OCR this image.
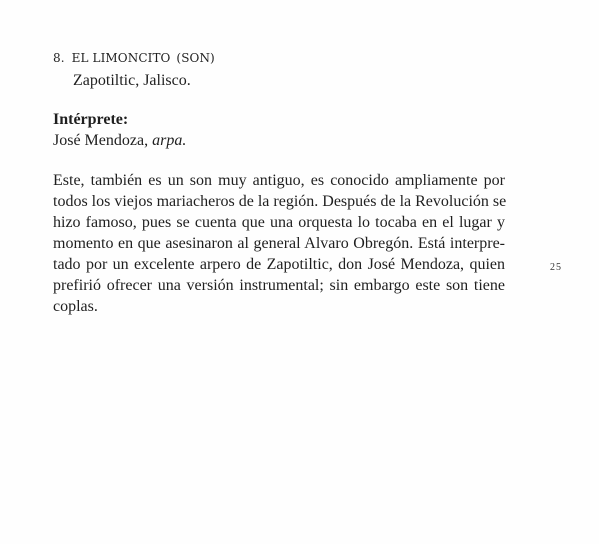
8. EL LIMONCITO (SON)
Zapotiltic, Jalisco.
Intérprete:
José Mendoza, arpa.
Este, también es un son muy antiguo, es conocido ampliamente por
todos los viejos mariacheros de la región. Después de la Revolución se
hizo famoso, pues se cuenta que una orquesta lo tocaba en el lugar y
momento en que asesinaron al general Alvaro Obregón. Está interpre-
tado por un excelente arpero de Zapotiltic, don José Mendoza, quien
prefirió ofrecer una versión instrumental; sin embargo este son tiene
coplas.
25
